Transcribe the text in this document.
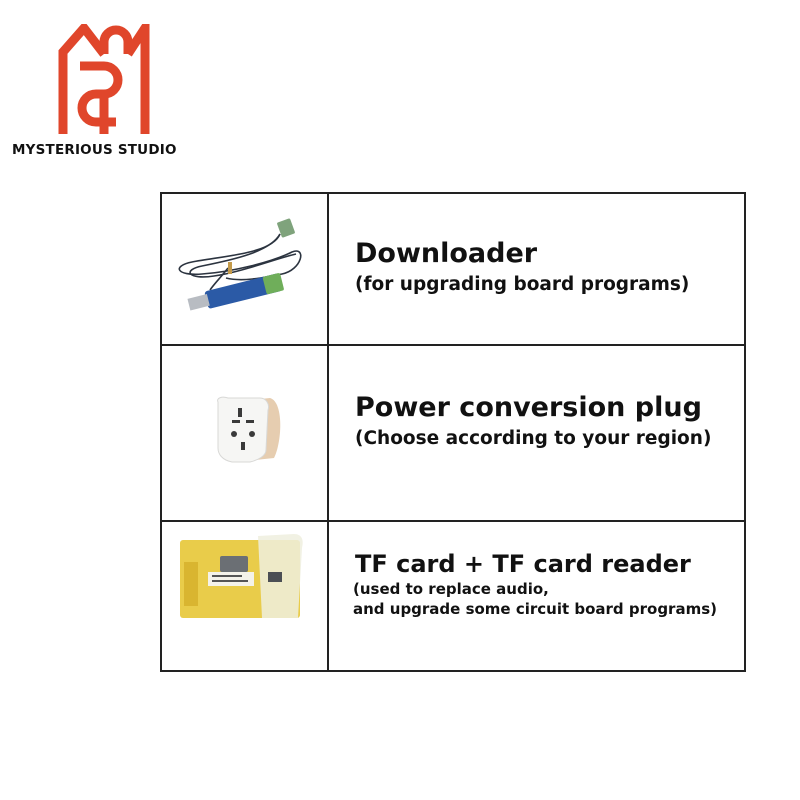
MYSTERIOUS STUDIO
Downloader
(for upgrading board programs)
Power conversion plug
(Choose according to your region)
TF card + TF card reader
(used to replace audio,
and upgrade some circuit board programs)
